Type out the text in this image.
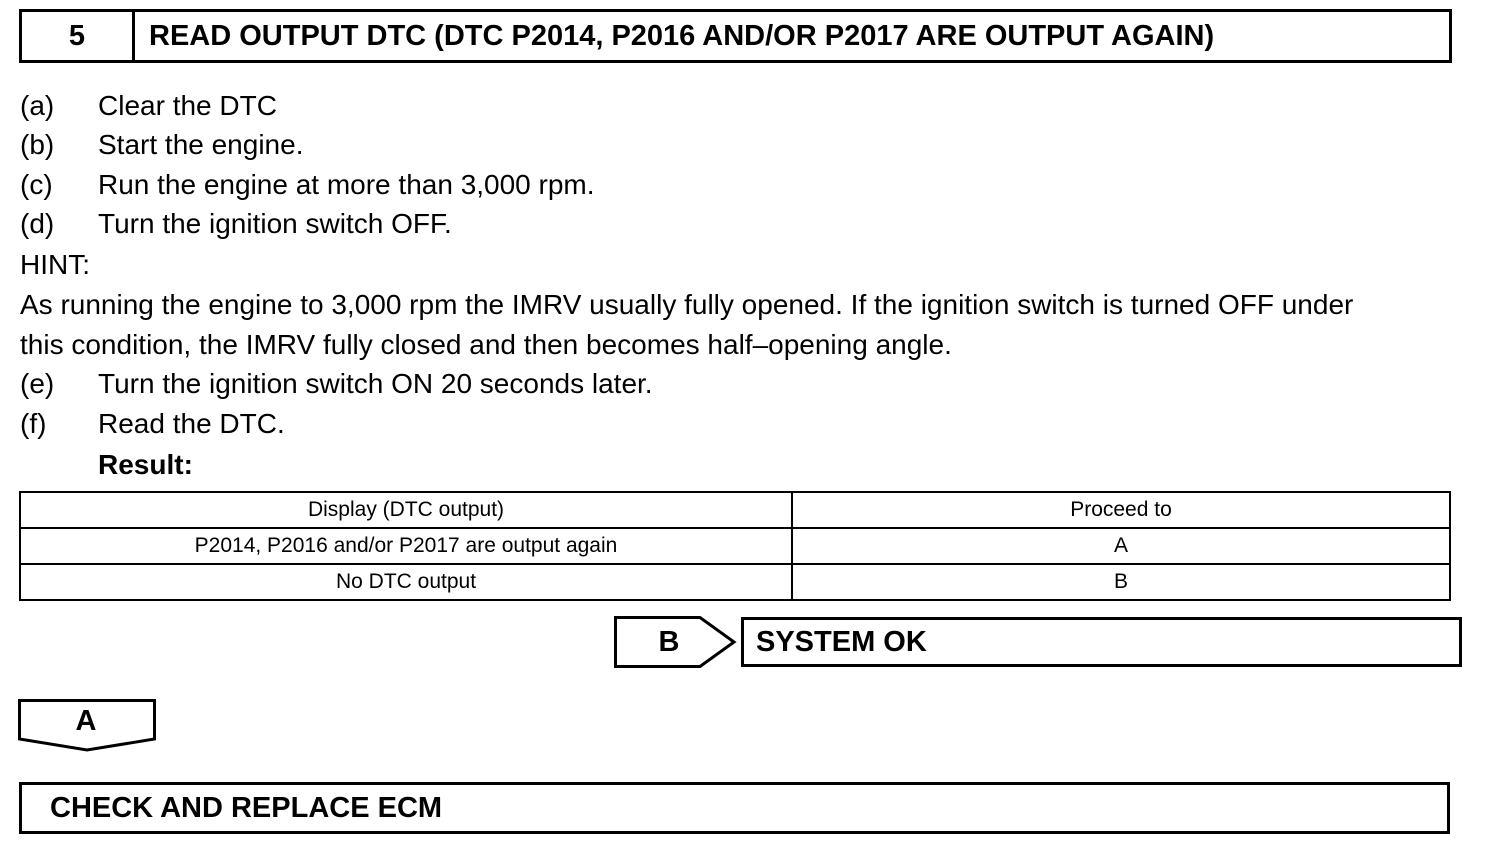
5	READ OUTPUT DTC (DTC P2014, P2016 AND/OR P2017 ARE OUTPUT AGAIN)
(a) Clear the DTC
(b) Start the engine.
(c) Run the engine at more than 3,000 rpm.
(d) Turn the ignition switch OFF.
HINT:
As running the engine to 3,000 rpm the IMRV usually fully opened. If the ignition switch is turned OFF under
this condition, the IMRV fully closed and then becomes half–opening angle.
(e) Turn the ignition switch ON 20 seconds later.
(f) Read the DTC.
Result:
Display (DTC output)	Proceed to
P2014, P2016 and/or P2017 are output again	A
No DTC output	B
B	SYSTEM OK
A
CHECK AND REPLACE ECM
